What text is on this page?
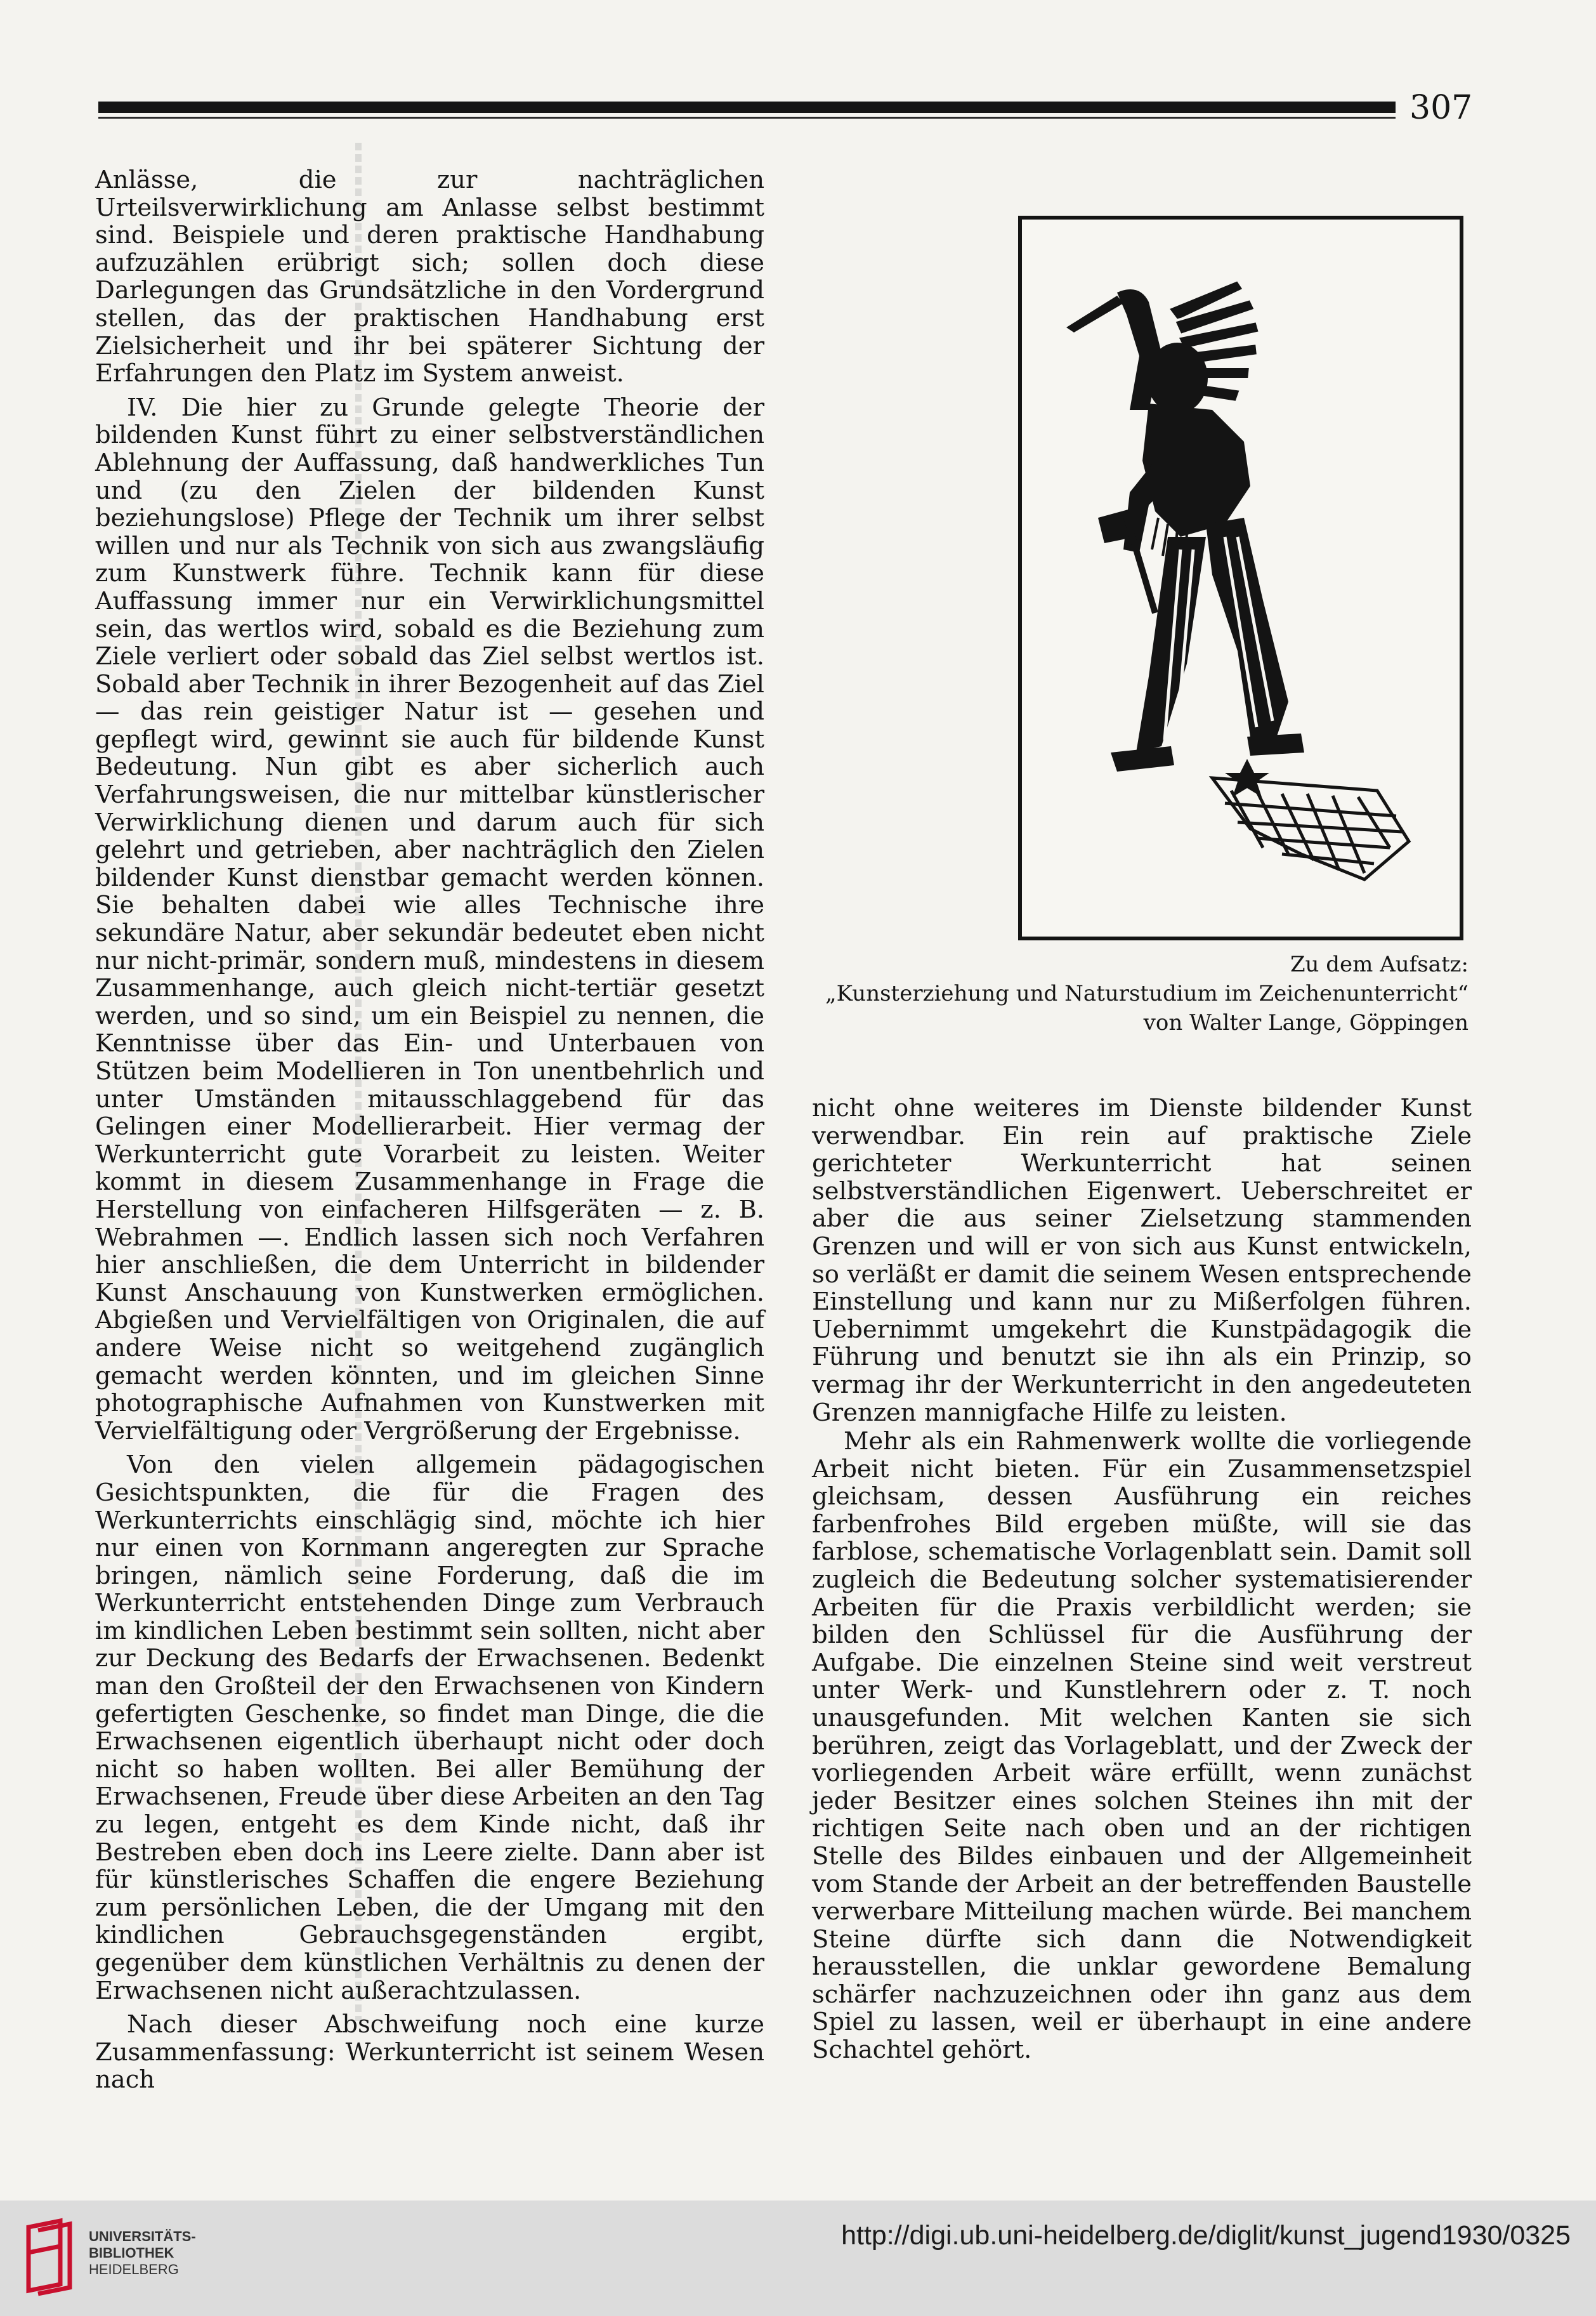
307

Anlässe, die zur nachträglichen Urteilsverwirklichung am Anlasse selbst bestimmt sind. Beispiele und deren praktische Handhabung aufzuzählen erübrigt sich; sollen doch diese Darlegungen das Grundsätzliche in den Vordergrund stellen, das der praktischen Handhabung erst Zielsicherheit und ihr bei späterer Sichtung der Erfahrungen den Platz im System anweist.

IV. Die hier zu Grunde gelegte Theorie der bildenden Kunst führt zu einer selbstverständlichen Ablehnung der Auffassung, daß handwerkliches Tun und (zu den Zielen der bildenden Kunst beziehungslose) Pflege der Technik um ihrer selbst willen und nur als Technik von sich aus zwangsläufig zum Kunstwerk führe. Technik kann für diese Auffassung immer nur ein Verwirklichungsmittel sein, das wertlos wird, sobald es die Beziehung zum Ziele verliert oder sobald das Ziel selbst wertlos ist. Sobald aber Technik in ihrer Bezogenheit auf das Ziel — das rein geistiger Natur ist — gesehen und gepflegt wird, gewinnt sie auch für bildende Kunst Bedeutung. Nun gibt es aber sicherlich auch Verfahrungsweisen, die nur mittelbar künstlerischer Verwirklichung dienen und darum auch für sich gelehrt und getrieben, aber nachträglich den Zielen bildender Kunst dienstbar gemacht werden können. Sie behalten dabei wie alles Technische ihre sekundäre Natur, aber sekundär bedeutet eben nicht nur nicht-primär, sondern muß, mindestens in diesem Zusammenhange, auch gleich nicht-tertiär gesetzt werden, und so sind, um ein Beispiel zu nennen, die Kenntnisse über das Ein- und Unterbauen von Stützen beim Modellieren in Ton unentbehrlich und unter Umständen mitausschlaggebend für das Gelingen einer Modellierarbeit. Hier vermag der Werkunterricht gute Vorarbeit zu leisten. Weiter kommt in diesem Zusammenhange in Frage die Herstellung von einfacheren Hilfsgeräten — z. B. Webrahmen —. Endlich lassen sich noch Verfahren hier anschließen, die dem Unterricht in bildender Kunst Anschauung von Kunstwerken ermöglichen. Abgießen und Vervielfältigen von Originalen, die auf andere Weise nicht so weitgehend zugänglich gemacht werden könnten, und im gleichen Sinne photographische Aufnahmen von Kunstwerken mit Vervielfältigung oder Vergrößerung der Ergebnisse.

Von den vielen allgemein pädagogischen Gesichtspunkten, die für die Fragen des Werkunterrichts einschlägig sind, möchte ich hier nur einen von Kornmann angeregten zur Sprache bringen, nämlich seine Forderung, daß die im Werkunterricht entstehenden Dinge zum Verbrauch im kindlichen Leben bestimmt sein sollten, nicht aber zur Deckung des Bedarfs der Erwachsenen. Bedenkt man den Großteil der den Erwachsenen von Kindern gefertigten Geschenke, so findet man Dinge, die die Erwachsenen eigentlich überhaupt nicht oder doch nicht so haben wollten. Bei aller Bemühung der Erwachsenen, Freude über diese Arbeiten an den Tag zu legen, entgeht es dem Kinde nicht, daß ihr Bestreben eben doch ins Leere zielte. Dann aber ist für künstlerisches Schaffen die engere Beziehung zum persönlichen Leben, die der Umgang mit den kindlichen Gebrauchsgegenständen ergibt, gegenüber dem künstlichen Verhältnis zu denen der Erwachsenen nicht außerachtzulassen.

Nach dieser Abschweifung noch eine kurze Zusammenfassung: Werkunterricht ist seinem Wesen nach

Zu dem Aufsatz:
„Kunsterziehung und Naturstudium im Zeichenunterricht“
von Walter Lange, Göppingen

nicht ohne weiteres im Dienste bildender Kunst verwendbar. Ein rein auf praktische Ziele gerichteter Werkunterricht hat seinen selbstverständlichen Eigenwert. Ueberschreitet er aber die aus seiner Zielsetzung stammenden Grenzen und will er von sich aus Kunst entwickeln, so verläßt er damit die seinem Wesen entsprechende Einstellung und kann nur zu Mißerfolgen führen. Uebernimmt umgekehrt die Kunstpädagogik die Führung und benutzt sie ihn als ein Prinzip, so vermag ihr der Werkunterricht in den angedeuteten Grenzen mannigfache Hilfe zu leisten.

Mehr als ein Rahmenwerk wollte die vorliegende Arbeit nicht bieten. Für ein Zusammensetzspiel gleichsam, dessen Ausführung ein reiches farbenfrohes Bild ergeben müßte, will sie das farblose, schematische Vorlagenblatt sein. Damit soll zugleich die Bedeutung solcher systematisierender Arbeiten für die Praxis verbildlicht werden; sie bilden den Schlüssel für die Ausführung der Aufgabe. Die einzelnen Steine sind weit verstreut unter Werk- und Kunstlehrern oder z. T. noch unausgefunden. Mit welchen Kanten sie sich berühren, zeigt das Vorlageblatt, und der Zweck der vorliegenden Arbeit wäre erfüllt, wenn zunächst jeder Besitzer eines solchen Steines ihn mit der richtigen Seite nach oben und an der richtigen Stelle des Bildes einbauen und der Allgemeinheit vom Stande der Arbeit an der betreffenden Baustelle verwerbare Mitteilung machen würde. Bei manchem Steine dürfte sich dann die Notwendigkeit herausstellen, die unklar gewordene Bemalung schärfer nachzuzeichnen oder ihn ganz aus dem Spiel zu lassen, weil er überhaupt in eine andere Schachtel gehört.

UNIVERSITÄTS-
BIBLIOTHEK
HEIDELBERG
http://digi.ub.uni-heidelberg.de/diglit/kunst_jugend1930/0325
